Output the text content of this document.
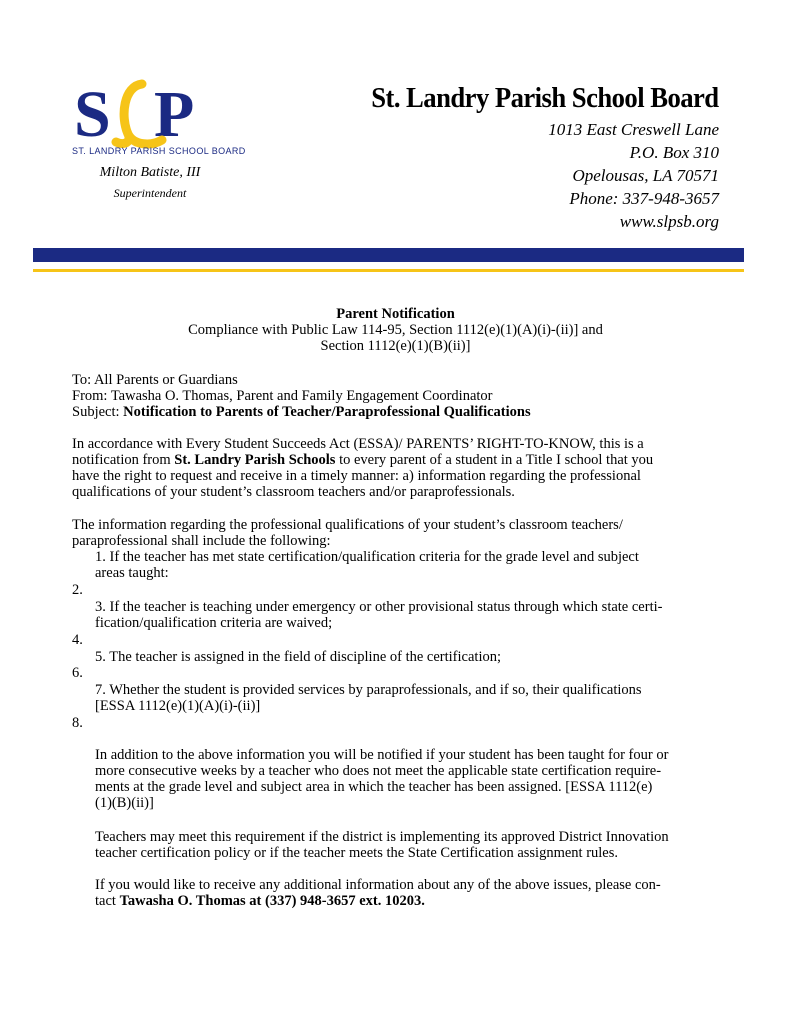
S P
ST. LANDRY PARISH SCHOOL BOARD
Milton Batiste, III
Superintendent
St. Landry Parish School Board
1013 East Creswell Lane
P.O. Box 310
Opelousas, LA 70571
Phone: 337-948-3657
www.slpsb.org
Parent Notification
Compliance with Public Law 114-95, Section 1112(e)(1)(A)(i)-(ii)] and
Section 1112(e)(1)(B)(ii)]
To: All Parents or Guardians
From: Tawasha O. Thomas, Parent and Family Engagement Coordinator
Subject: Notification to Parents of Teacher/Paraprofessional Qualifications
In accordance with Every Student Succeeds Act (ESSA)/ PARENTS’ RIGHT-TO-KNOW, this is a
notification from St. Landry Parish Schools to every parent of a student in a Title I school that you
have the right to request and receive in a timely manner: a) information regarding the professional
qualifications of your student’s classroom teachers and/or paraprofessionals.
The information regarding the professional qualifications of your student’s classroom teachers/
paraprofessional shall include the following:
1. If the teacher has met state certification/qualification criteria for the grade level and subject
areas taught:
2.
3. If the teacher is teaching under emergency or other provisional status through which state certi-
fication/qualification criteria are waived;
4.
5. The teacher is assigned in the field of discipline of the certification;
6.
7. Whether the student is provided services by paraprofessionals, and if so, their qualifications
[ESSA 1112(e)(1)(A)(i)-(ii)]
8.
In addition to the above information you will be notified if your student has been taught for four or
more consecutive weeks by a teacher who does not meet the applicable state certification require-
ments at the grade level and subject area in which the teacher has been assigned. [ESSA 1112(e)
(1)(B)(ii)]
Teachers may meet this requirement if the district is implementing its approved District Innovation
teacher certification policy or if the teacher meets the State Certification assignment rules.
If you would like to receive any additional information about any of the above issues, please con-
tact Tawasha O. Thomas at (337) 948-3657 ext. 10203.
